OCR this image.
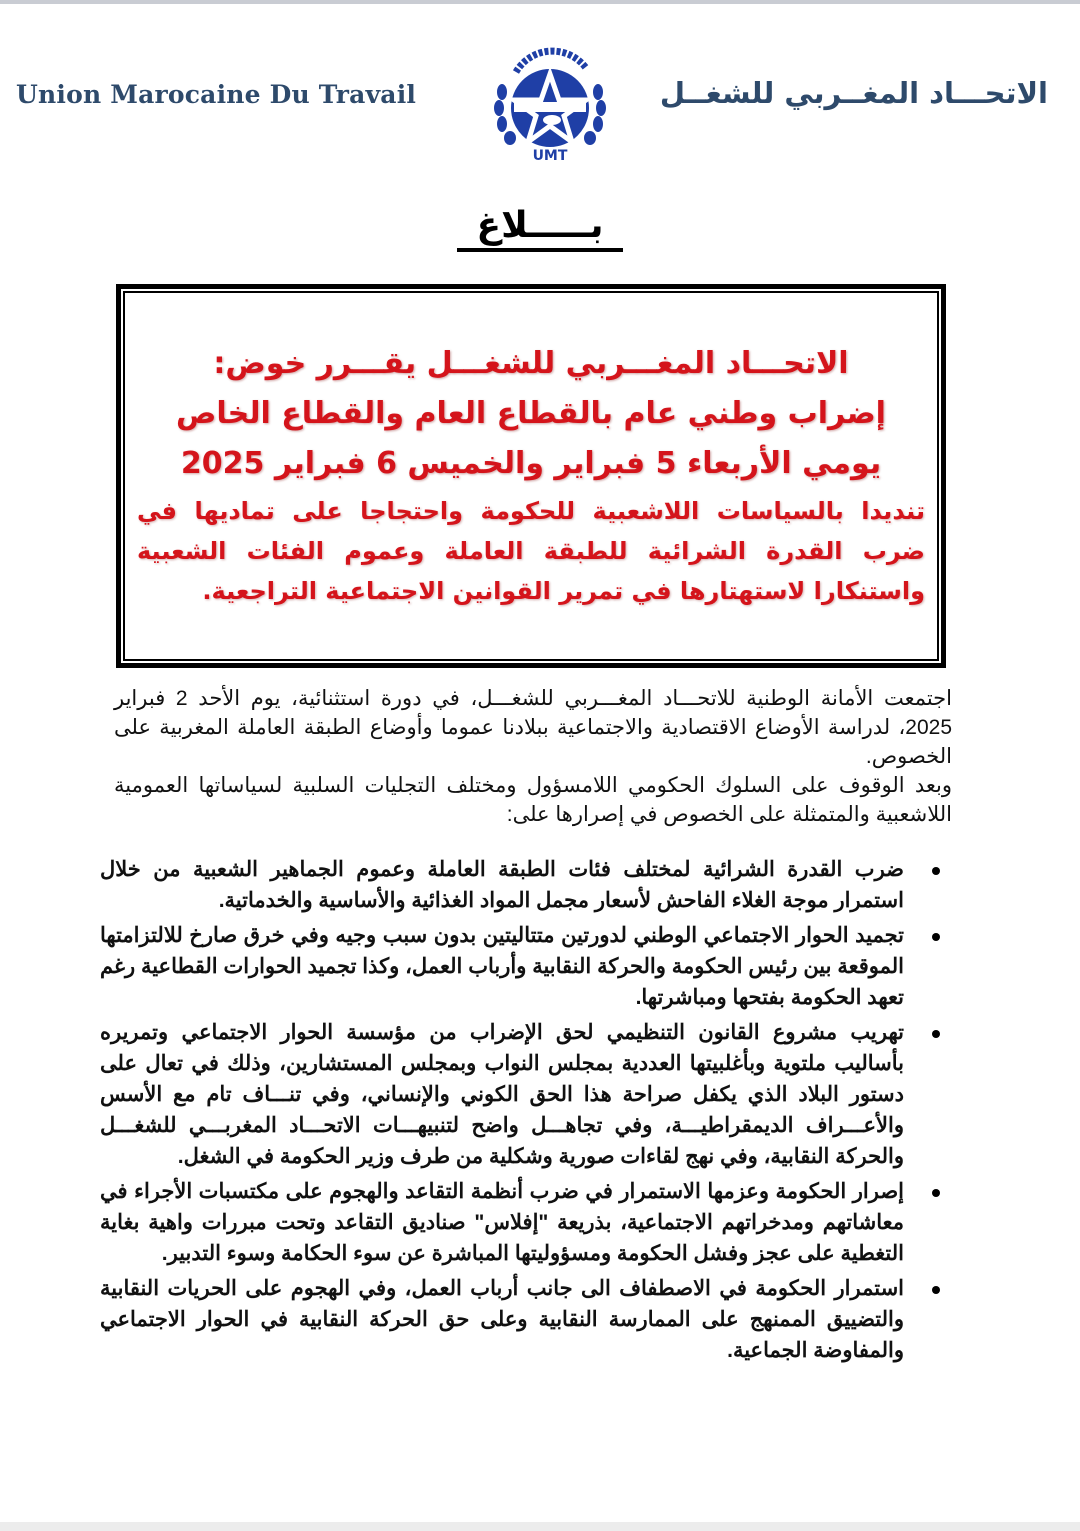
Union Marocaine Du Travail
UMT
الاتحـــاد المغــربي للشغــل
بـــــلاغ
الاتحـــاد المغـــربي للشغـــل يقـــرر خوض:
إضراب وطني عام بالقطاع العام والقطاع الخاص
يومي الأربعاء 5 فبراير والخميس 6 فبراير 2025
تنديدا بالسياسات اللاشعبية للحكومة واحتجاجا على تماديها في ضرب القدرة الشرائية للطبقة العاملة وعموم الفئات الشعبية واستنكارا لاستهتارها في تمرير القوانين الاجتماعية التراجعية.

اجتمعت الأمانة الوطنية للاتحـــاد المغـــربي للشغـــل، في دورة استثنائية، يوم الأحد 2 فبراير 2025، لدراسة الأوضاع الاقتصادية والاجتماعية ببلادنا عموما وأوضاع الطبقة العاملة المغربية على الخصوص.

وبعد الوقوف على السلوك الحكومي اللامسؤول ومختلف التجليات السلبية لسياساتها العمومية اللاشعبية والمتمثلة على الخصوص في إصرارها على:

ضرب القدرة الشرائية لمختلف فئات الطبقة العاملة وعموم الجماهير الشعبية من خلال استمرار موجة الغلاء الفاحش لأسعار مجمل المواد الغذائية والأساسية والخدماتية.
تجميد الحوار الاجتماعي الوطني لدورتين متتاليتين بدون سبب وجيه وفي خرق صارخ للالتزامتها الموقعة بين رئيس الحكومة والحركة النقابية وأرباب العمل، وكذا تجميد الحوارات القطاعية رغم تعهد الحكومة بفتحها ومباشرتها.
تهريب مشروع القانون التنظيمي لحق الإضراب من مؤسسة الحوار الاجتماعي وتمريره بأساليب ملتوية وبأغلبيتها العددية بمجلس النواب وبمجلس المستشارين، وذلك في تعال على دستور البلاد الذي يكفل صراحة هذا الحق الكوني والإنساني، وفي تنـــاف تام مع الأسس والأعـــراف الديمقراطيـــة، وفي تجاهـــل واضح لتنبيهـــات الاتحـــاد المغربـــي للشغـــل والحركة النقابية، وفي نهج لقاءات صورية وشكلية من طرف وزير الحكومة في الشغل.
إصرار الحكومة وعزمها الاستمرار في ضرب أنظمة التقاعد والهجوم على مكتسبات الأجراء في معاشاتهم ومدخراتهم الاجتماعية، بذريعة "إفلاس" صناديق التقاعد وتحت مبررات واهية بغاية التغطية على عجز وفشل الحكومة ومسؤوليتها المباشرة عن سوء الحكامة وسوء التدبير.
استمرار الحكومة في الاصطفاف الى جانب أرباب العمل، وفي الهجوم على الحريات النقابية والتضييق الممنهج على الممارسة النقابية وعلى حق الحركة النقابية في الحوار الاجتماعي والمفاوضة الجماعية.
